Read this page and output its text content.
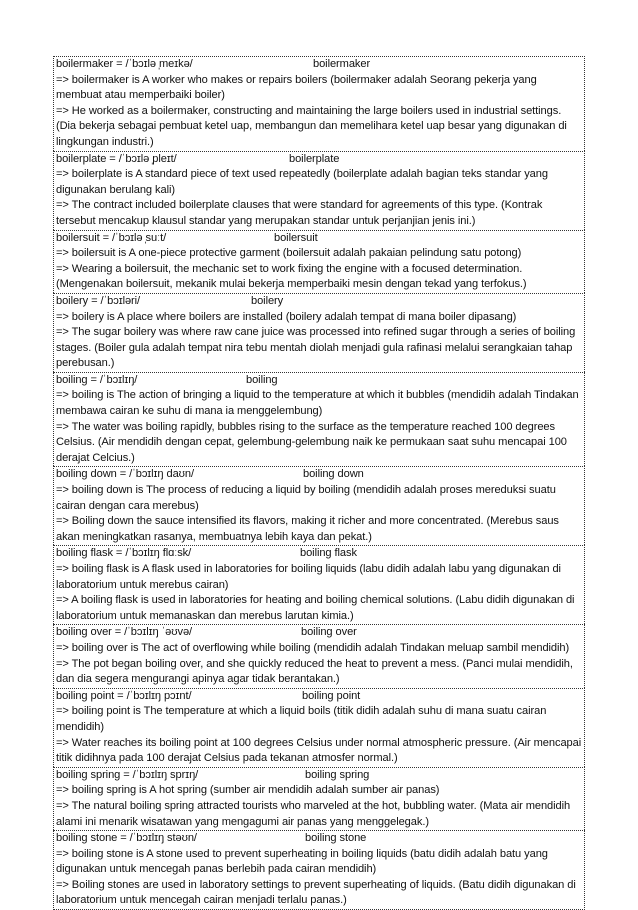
boilermaker = /ˈbɔɪlə ̩meɪkə/	boilermaker
=> boilermaker is A worker who makes or repairs boilers (boilermaker adalah Seorang pekerja yang membuat atau memperbaiki boiler)
=> He worked as a boilermaker, constructing and maintaining the large boilers used in industrial settings. (Dia bekerja sebagai pembuat ketel uap, membangun dan memelihara ketel uap besar yang digunakan di lingkungan industri.)
boilerplate = /ˈbɔɪlə ̩pleɪt/	boilerplate
=> boilerplate is A standard piece of text used repeatedly (boilerplate adalah bagian teks standar yang digunakan berulang kali)
=> The contract included boilerplate clauses that were standard for agreements of this type. (Kontrak tersebut mencakup klausul standar yang merupakan standar untuk perjanjian jenis ini.)
boilersuit = /ˈbɔɪlə ̩suːt/	boilersuit
=> boilersuit is A one-piece protective garment (boilersuit adalah pakaian pelindung satu potong)
=> Wearing a boilersuit, the mechanic set to work fixing the engine with a focused determination. (Mengenakan boilersuit, mekanik mulai bekerja memperbaiki mesin dengan tekad yang terfokus.)
boilery = /ˈbɔɪləri/	boilery
=> boilery is A place where boilers are installed (boilery adalah tempat di mana boiler dipasang)
=> The sugar boilery was where raw cane juice was processed into refined sugar through a series of boiling stages. (Boiler gula adalah tempat nira tebu mentah diolah menjadi gula rafinasi melalui serangkaian tahap perebusan.)
boiling = /ˈbɔɪlɪŋ/	boiling
=> boiling is The action of bringing a liquid to the temperature at which it bubbles (mendidih adalah Tindakan membawa cairan ke suhu di mana ia menggelembung)
=> The water was boiling rapidly, bubbles rising to the surface as the temperature reached 100 degrees Celsius. (Air mendidih dengan cepat, gelembung-gelembung naik ke permukaan saat suhu mencapai 100 derajat Celcius.)
boiling down = /ˈbɔɪlɪŋ daʊn/	boiling down
=> boiling down is The process of reducing a liquid by boiling (mendidih adalah proses mereduksi suatu cairan dengan cara merebus)
=> Boiling down the sauce intensified its flavors, making it richer and more concentrated. (Merebus saus akan meningkatkan rasanya, membuatnya lebih kaya dan pekat.)
boiling flask = /ˈbɔɪlɪŋ flɑːsk/	boiling flask
=> boiling flask is A flask used in laboratories for boiling liquids (labu didih adalah labu yang digunakan di laboratorium untuk merebus cairan)
=> A boiling flask is used in laboratories for heating and boiling chemical solutions. (Labu didih digunakan di laboratorium untuk memanaskan dan merebus larutan kimia.)
boiling over = /ˈbɔɪlɪŋ ˈəʊvə/	boiling over
=> boiling over is The act of overflowing while boiling (mendidih adalah Tindakan meluap sambil mendidih)
=> The pot began boiling over, and she quickly reduced the heat to prevent a mess. (Panci mulai mendidih, dan dia segera mengurangi apinya agar tidak berantakan.)
boiling point = /ˈbɔɪlɪŋ pɔɪnt/	boiling point
=> boiling point is The temperature at which a liquid boils (titik didih adalah suhu di mana suatu cairan mendidih)
=> Water reaches its boiling point at 100 degrees Celsius under normal atmospheric pressure. (Air mencapai titik didihnya pada 100 derajat Celsius pada tekanan atmosfer normal.)
boiling spring = /ˈbɔɪlɪŋ sprɪŋ/	boiling spring
=> boiling spring is A hot spring (sumber air mendidih adalah sumber air panas)
=> The natural boiling spring attracted tourists who marveled at the hot, bubbling water. (Mata air mendidih alami ini menarik wisatawan yang mengagumi air panas yang menggelegak.)
boiling stone = /ˈbɔɪlɪŋ stəʊn/	boiling stone
=> boiling stone is A stone used to prevent superheating in boiling liquids (batu didih adalah batu yang digunakan untuk mencegah panas berlebih pada cairan mendidih)
=> Boiling stones are used in laboratory settings to prevent superheating of liquids. (Batu didih digunakan di laboratorium untuk mencegah cairan menjadi terlalu panas.)
